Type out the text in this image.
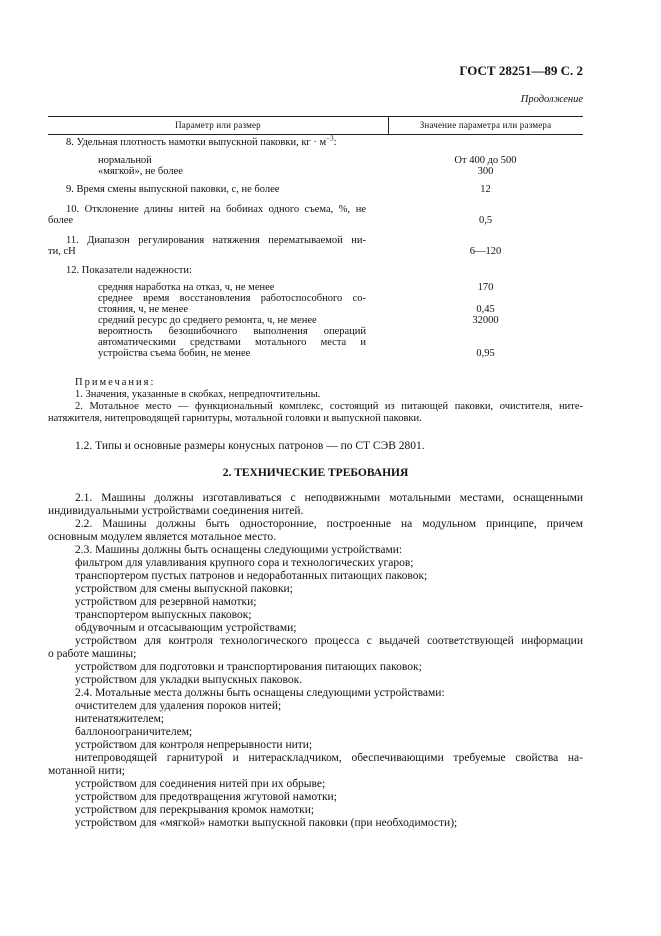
ГОСТ 28251—89 С. 2
Продолжение
Параметр или размер	Значение параметра или размера
8. Удельная плотность намотки выпускной паковки, кг · $м^{-3}$:
нормальной	От 400 до 500
«мягкой», не более	300
9. Время смены выпускной паковки, с, не более	12
10. Отклонение длины нитей на бобинах одного съема, %, не
более	0,5
11. Диапазон регулирования натяжения перематываемой ни-
ти, сН	6—120
12. Показатели надежности:
средняя наработка на отказ, ч, не менее	170
среднее время восстановления работоспособного со-
стояния, ч, не менее	0,45
средний ресурс до среднего ремонта, ч, не менее	32000
вероятность безошибочного выполнения операций
автоматическими средствами мотального места и
устройства съема бобин, не менее	0,95
Примечания:
1. Значения, указанные в скобках, непредпочтительны.
2. Мотальное место — функциональный комплекс, состоящий из питающей паковки, очистителя, ните-
натяжителя, нитепроводящей гарнитуры, мотальной головки и выпускной паковки.
1.2. Типы и основные размеры конусных патронов — по СТ СЭВ 2801.
2. ТЕХНИЧЕСКИЕ ТРЕБОВАНИЯ
2.1. Машины должны изготавливаться с неподвижными мотальными местами, оснащенными
индивидуальными устройствами соединения нитей.
2.2. Машины должны быть односторонние, построенные на модульном принципе, причем
основным модулем является мотальное место.
2.3. Машины должны быть оснащены следующими устройствами:
фильтром для улавливания крупного сора и технологических угаров;
транспортером пустых патронов и недоработанных питающих паковок;
устройством для смены выпускной паковки;
устройством для резервной намотки;
транспортером выпускных паковок;
обдувочным и отсасывающим устройствами;
устройством для контроля технологического процесса с выдачей соответствующей информации
о работе машины;
устройством для подготовки и транспортирования питающих паковок;
устройством для укладки выпускных паковок.
2.4. Мотальные места должны быть оснащены следующими устройствами:
очистителем для удаления пороков нитей;
нитенатяжителем;
баллоноограничителем;
устройством для контроля непрерывности нити;
нитепроводящей гарнитурой и нитераскладчиком, обеспечивающими требуемые свойства на-
мотанной нити;
устройством для соединения нитей при их обрыве;
устройством для предотвращения жгутовой намотки;
устройством для перекрывания кромок намотки;
устройством для «мягкой» намотки выпускной паковки (при необходимости);
